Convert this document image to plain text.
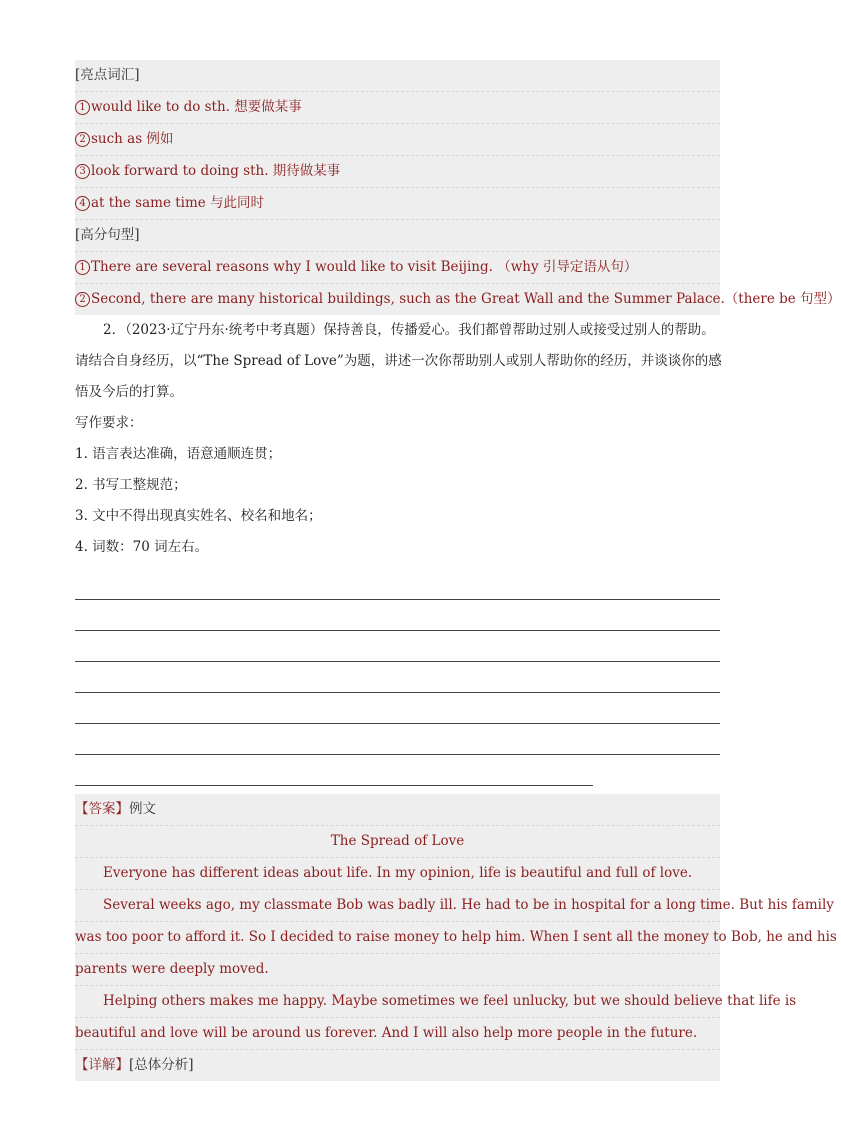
[亮点词汇]
1 would like to do sth. 想要做某事
2 such as 例如
3 look forward to doing sth. 期待做某事
4 at the same time 与此同时
[高分句型]
1 There are several reasons why I would like to visit Beijing. （why 引导定语从句）
2 Second, there are many historical buildings, such as the Great Wall and the Summer Palace.（there be 句型）
2．（2023·辽宁丹东·统考中考真题）保持善良，传播爱心。我们都曾帮助过别人或接受过别人的帮助。
请结合自身经历，以“The Spread of Love”为题，讲述一次你帮助别人或别人帮助你的经历，并谈谈你的感
悟及今后的打算。
写作要求：
1. 语言表达准确，语意通顺连贯；
2. 书写工整规范；
3. 文中不得出现真实姓名、校名和地名；
4. 词数：70 词左右。
【答案】例文
The Spread of Love
Everyone has different ideas about life. In my opinion, life is beautiful and full of love.
Several weeks ago, my classmate Bob was badly ill. He had to be in hospital for a long time. But his family
was too poor to afford it. So I decided to raise money to help him. When I sent all the money to Bob, he and his
parents were deeply moved.
Helping others makes me happy. Maybe sometimes we feel unlucky, but we should believe that life is
beautiful and love will be around us forever. And I will also help more people in the future.
【详解】[总体分析]
